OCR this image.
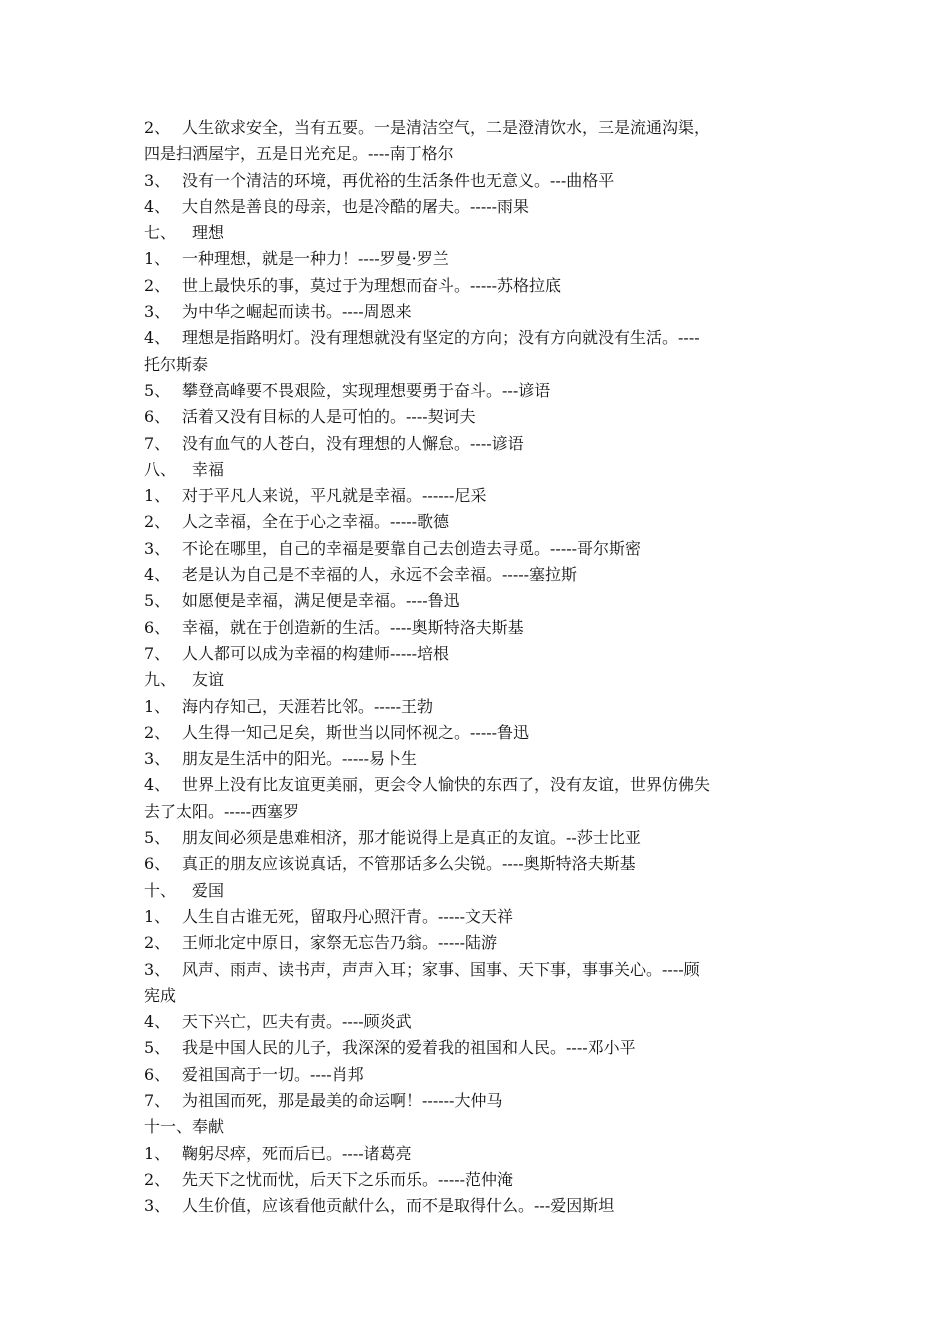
2、 人生欲求安全，当有五要。一是清洁空气，二是澄清饮水，三是流通沟渠，
四是扫洒屋宇，五是日光充足。----南丁格尔
3、 没有一个清洁的环境，再优裕的生活条件也无意义。---曲格平
4、 大自然是善良的母亲，也是冷酷的屠夫。-----雨果
七、 理想
1、 一种理想，就是一种力！----罗曼·罗兰
2、 世上最快乐的事，莫过于为理想而奋斗。-----苏格拉底
3、 为中华之崛起而读书。----周恩来
4、 理想是指路明灯。没有理想就没有坚定的方向；没有方向就没有生活。----
托尔斯泰
5、 攀登高峰要不畏艰险，实现理想要勇于奋斗。---谚语
6、 活着又没有目标的人是可怕的。----契诃夫
7、 没有血气的人苍白，没有理想的人懈怠。----谚语
八、 幸福
1、 对于平凡人来说，平凡就是幸福。------尼采
2、 人之幸福，全在于心之幸福。-----歌德
3、 不论在哪里，自己的幸福是要靠自己去创造去寻觅。-----哥尔斯密
4、 老是认为自己是不幸福的人，永远不会幸福。-----塞拉斯
5、 如愿便是幸福，满足便是幸福。----鲁迅
6、 幸福，就在于创造新的生活。----奥斯特洛夫斯基
7、 人人都可以成为幸福的构建师-----培根
九、 友谊
1、 海内存知己，天涯若比邻。-----王勃
2、 人生得一知己足矣，斯世当以同怀视之。-----鲁迅
3、 朋友是生活中的阳光。-----易卜生
4、 世界上没有比友谊更美丽，更会令人愉快的东西了，没有友谊，世界仿佛失
去了太阳。-----西塞罗
5、 朋友间必须是患难相济，那才能说得上是真正的友谊。--莎士比亚
6、 真正的朋友应该说真话，不管那话多么尖锐。----奥斯特洛夫斯基
十、 爱国
1、 人生自古谁无死，留取丹心照汗青。-----文天祥
2、 王师北定中原日，家祭无忘告乃翁。-----陆游
3、 风声、雨声、读书声，声声入耳；家事、国事、天下事，事事关心。----顾
宪成
4、 天下兴亡，匹夫有责。----顾炎武
5、 我是中国人民的儿子，我深深的爱着我的祖国和人民。----邓小平
6、 爱祖国高于一切。----肖邦
7、 为祖国而死，那是最美的命运啊！------大仲马
十一、奉献
1、 鞠躬尽瘁，死而后已。----诸葛亮
2、 先天下之忧而忧，后天下之乐而乐。-----范仲淹
3、 人生价值，应该看他贡献什么，而不是取得什么。---爱因斯坦
